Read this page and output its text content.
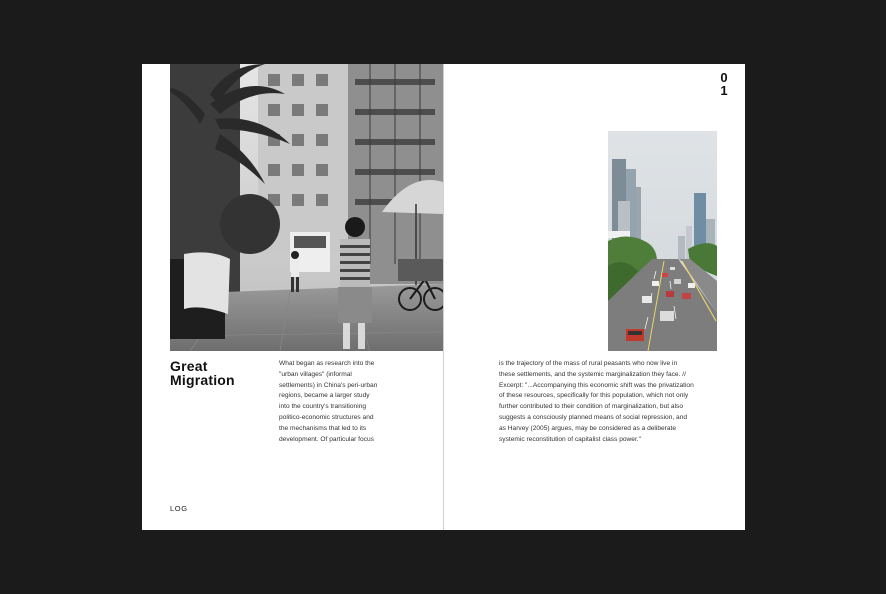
0
1
Great
Migration
What began as research into the
"urban villages" (informal
settlements) in China's peri-urban
regions, became a larger study
into the country's transitioning
politico-economic structures and
the mechanisms that led to its
development. Of particular focus
is the trajectory of the mass of rural peasants who now live in
these settlements, and the systemic marginalization they face. //
Excerpt: "...Accompanying this economic shift was the privatization
of these resources, specifically for this population, which not only
further contributed to their condition of marginalization, but also
suggests a consciously planned means of social repression, and
as Harvey (2005) argues, may be considered as a deliberate
systemic reconstitution of capitalist class power."
LOG
